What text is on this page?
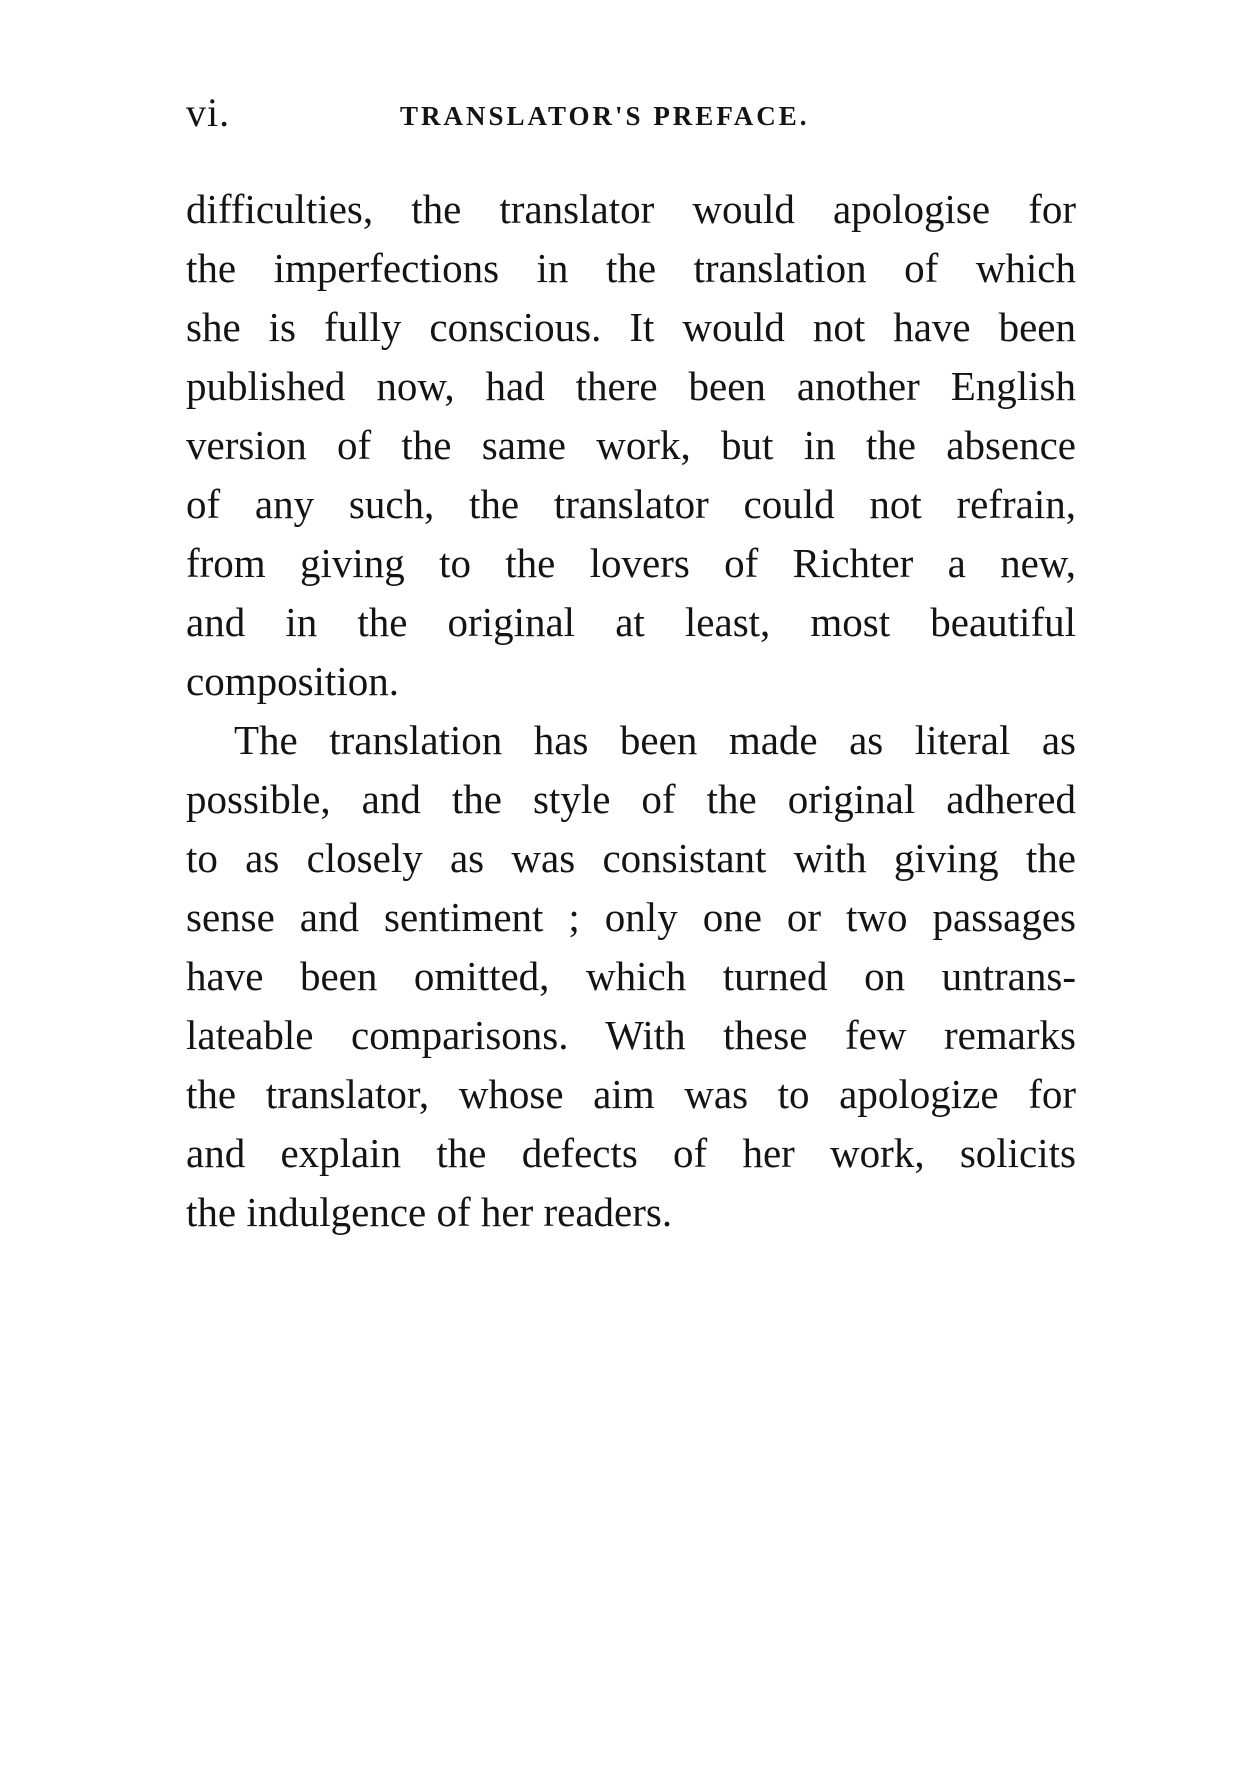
vi.	TRANSLATOR'S PREFACE.
difficulties, the translator would apologise for
the imperfections in the translation of which
she is fully conscious. It would not have been
published now, had there been another English
version of the same work, but in the absence
of any such, the translator could not refrain,
from giving to the lovers of Richter a new,
and in the original at least, most beautiful
composition.
The translation has been made as literal as
possible, and the style of the original adhered
to as closely as was consistant with giving the
sense and sentiment ; only one or two passages
have been omitted, which turned on untrans-
lateable comparisons. With these few remarks
the translator, whose aim was to apologize for
and explain the defects of her work, solicits
the indulgence of her readers.
